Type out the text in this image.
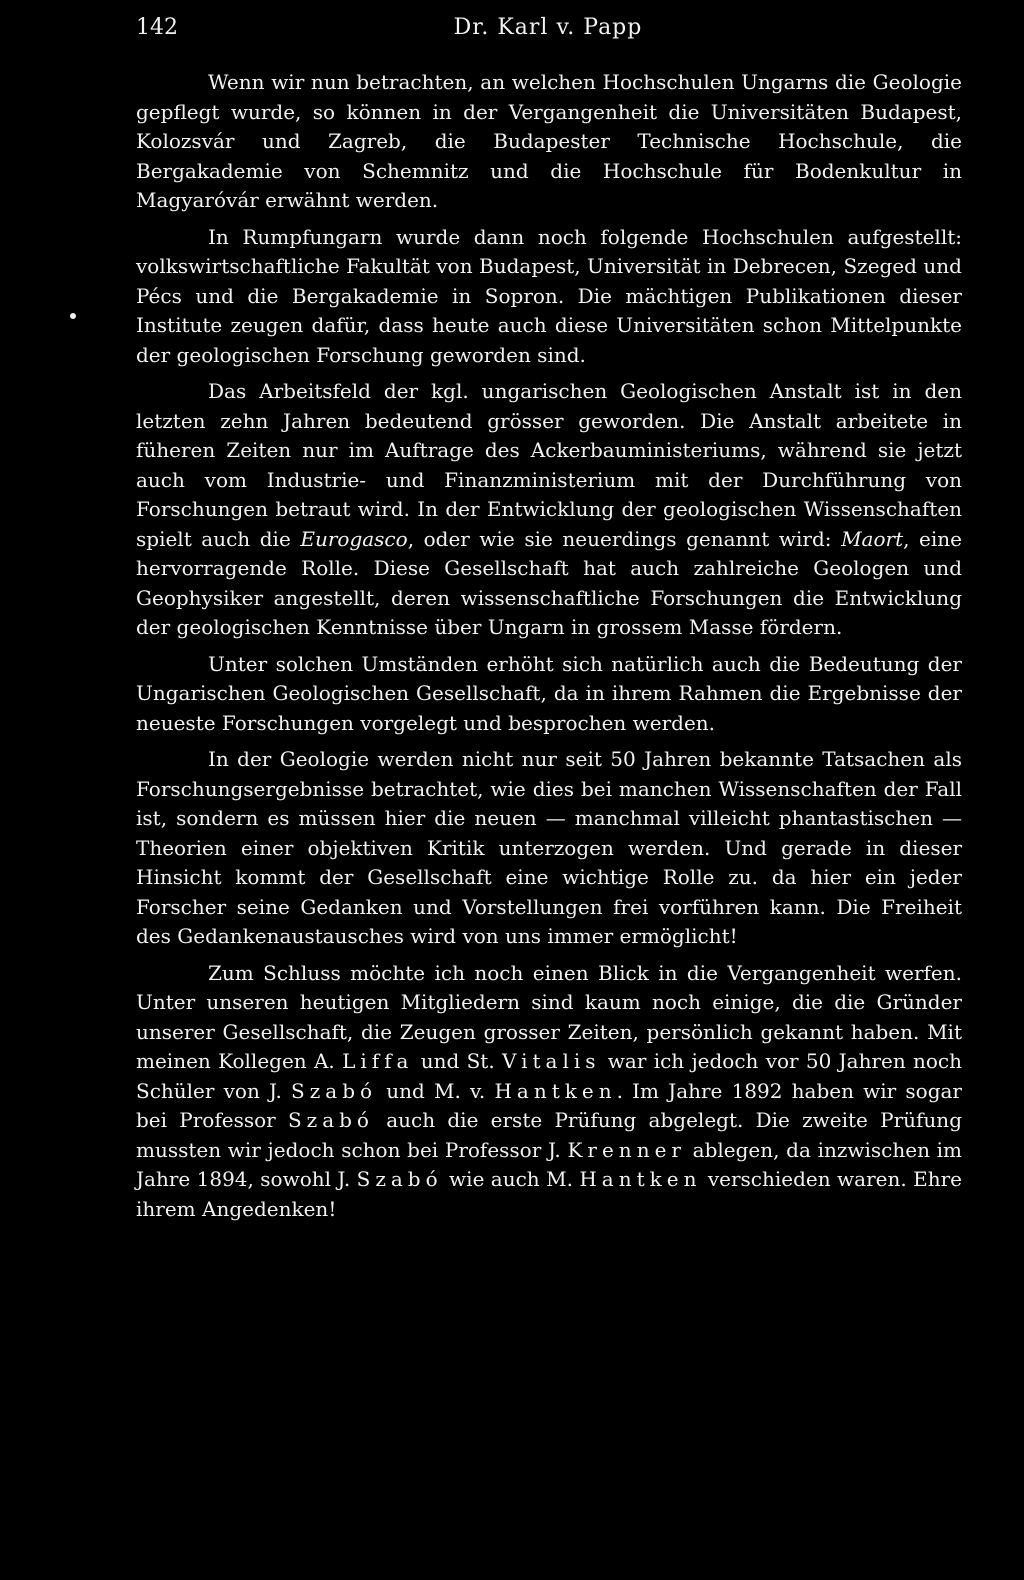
142	Dr. Karl v. Papp

Wenn wir nun betrachten, an welchen Hochschulen Ungarns die Geologie gepflegt wurde, so können in der Vergangenheit die Universitäten Budapest, Kolozsvár und Zagreb, die Budapester Technische Hochschule, die Bergakademie von Schemnitz und die Hochschule für Bodenkultur in Magyaróvár erwähnt werden.

In Rumpfungarn wurde dann noch folgende Hochschulen aufgestellt: volkswirtschaftliche Fakultät von Budapest, Universität in Debrecen, Szeged und Pécs und die Bergakademie in Sopron. Die mächtigen Publikationen dieser Institute zeugen dafür, dass heute auch diese Universitäten schon Mittelpunkte der geologischen Forschung geworden sind.

Das Arbeitsfeld der kgl. ungarischen Geologischen Anstalt ist in den letzten zehn Jahren bedeutend grösser geworden. Die Anstalt arbeitete in füheren Zeiten nur im Auftrage des Ackerbauministeriums, während sie jetzt auch vom Industrie- und Finanzministerium mit der Durchführung von Forschungen betraut wird. In der Entwicklung der geologischen Wissenschaften spielt auch die Eurogasco, oder wie sie neuerdings genannt wird: Maort, eine hervorragende Rolle. Diese Gesellschaft hat auch zahlreiche Geologen und Geophysiker angestellt, deren wissenschaftliche Forschungen die Entwicklung der geologischen Kenntnisse über Ungarn in grossem Masse fördern.

Unter solchen Umständen erhöht sich natürlich auch die Bedeutung der Ungarischen Geologischen Gesellschaft, da in ihrem Rahmen die Ergebnisse der neueste Forschungen vorgelegt und besprochen werden.

In der Geologie werden nicht nur seit 50 Jahren bekannte Tatsachen als Forschungsergebnisse betrachtet, wie dies bei manchen Wissenschaften der Fall ist, sondern es müssen hier die neuen — manchmal villeicht phantastischen — Theorien einer objektiven Kritik unterzogen werden. Und gerade in dieser Hinsicht kommt der Gesellschaft eine wichtige Rolle zu. da hier ein jeder Forscher seine Gedanken und Vorstellungen frei vorführen kann. Die Freiheit des Gedankenaustausches wird von uns immer ermöglicht!

Zum Schluss möchte ich noch einen Blick in die Vergangenheit werfen. Unter unseren heutigen Mitgliedern sind kaum noch einige, die die Gründer unserer Gesellschaft, die Zeugen grosser Zeiten, persönlich gekannt haben. Mit meinen Kollegen A. Liffa und St. Vitalis war ich jedoch vor 50 Jahren noch Schüler von J. Szabó und M. v. Hantken. Im Jahre 1892 haben wir sogar bei Professor Szabó auch die erste Prüfung abgelegt. Die zweite Prüfung mussten wir jedoch schon bei Professor J. Krenner ablegen, da inzwischen im Jahre 1894, sowohl J. Szabó wie auch M. Hantken verschieden waren. Ehre ihrem Angedenken!
